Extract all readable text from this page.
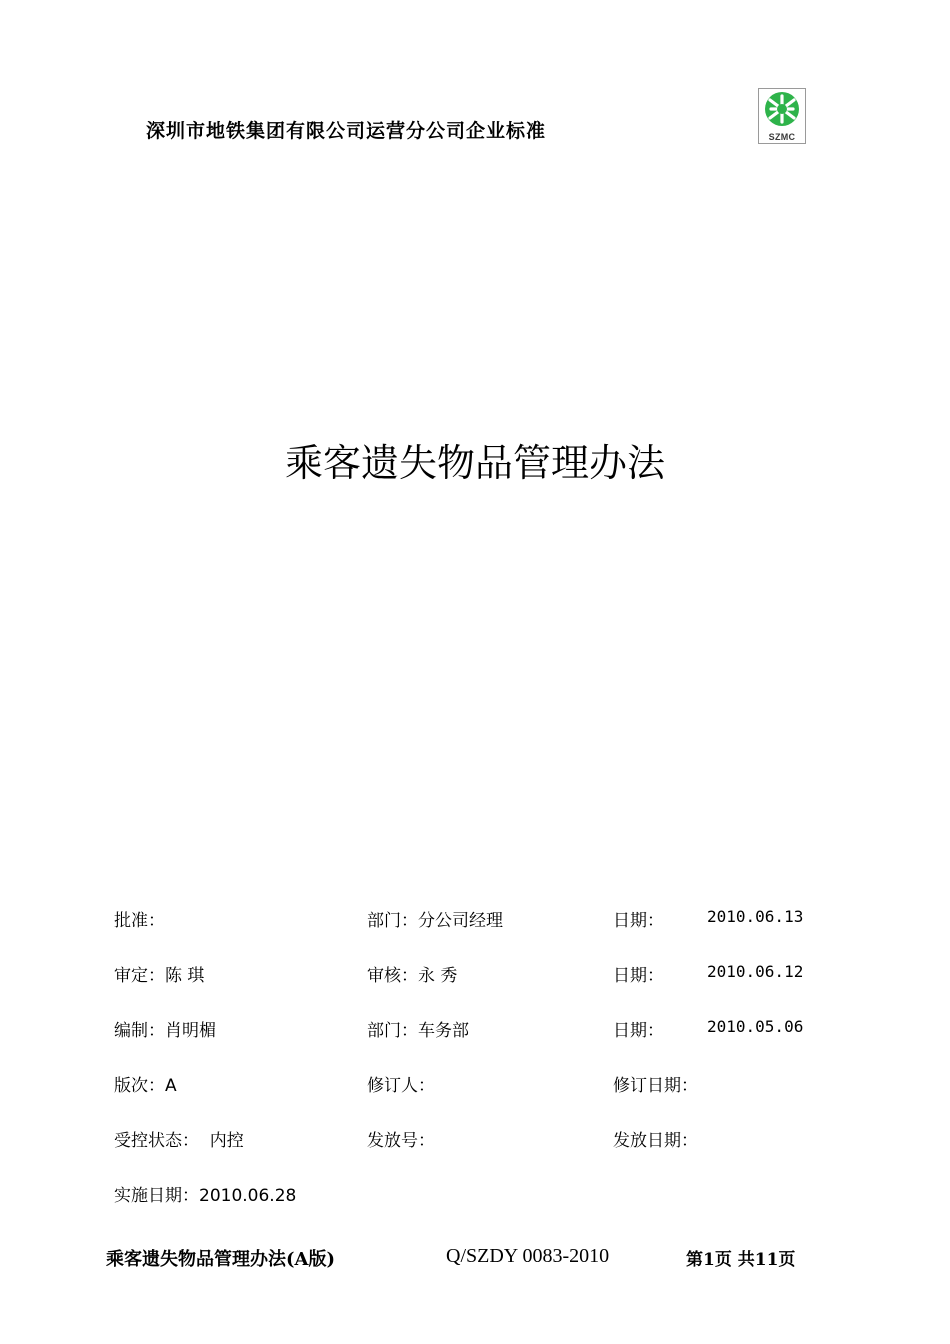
深圳市地铁集团有限公司运营分公司企业标准	SZMC
乘客遗失物品管理办法
批准：	部门：分公司经理	日期：	2010.06.13
审定：陈 琪	审核：永 秀	日期：	2010.06.12
编制：肖明楣	部门：车务部	日期：	2010.05.06
版次：A	修订人：	修订日期：
受控状态：  内控	发放号：	发放日期：
实施日期：2010.06.28
乘客遗失物品管理办法(A版)	Q/SZDY 0083-2010	第1页 共11页
